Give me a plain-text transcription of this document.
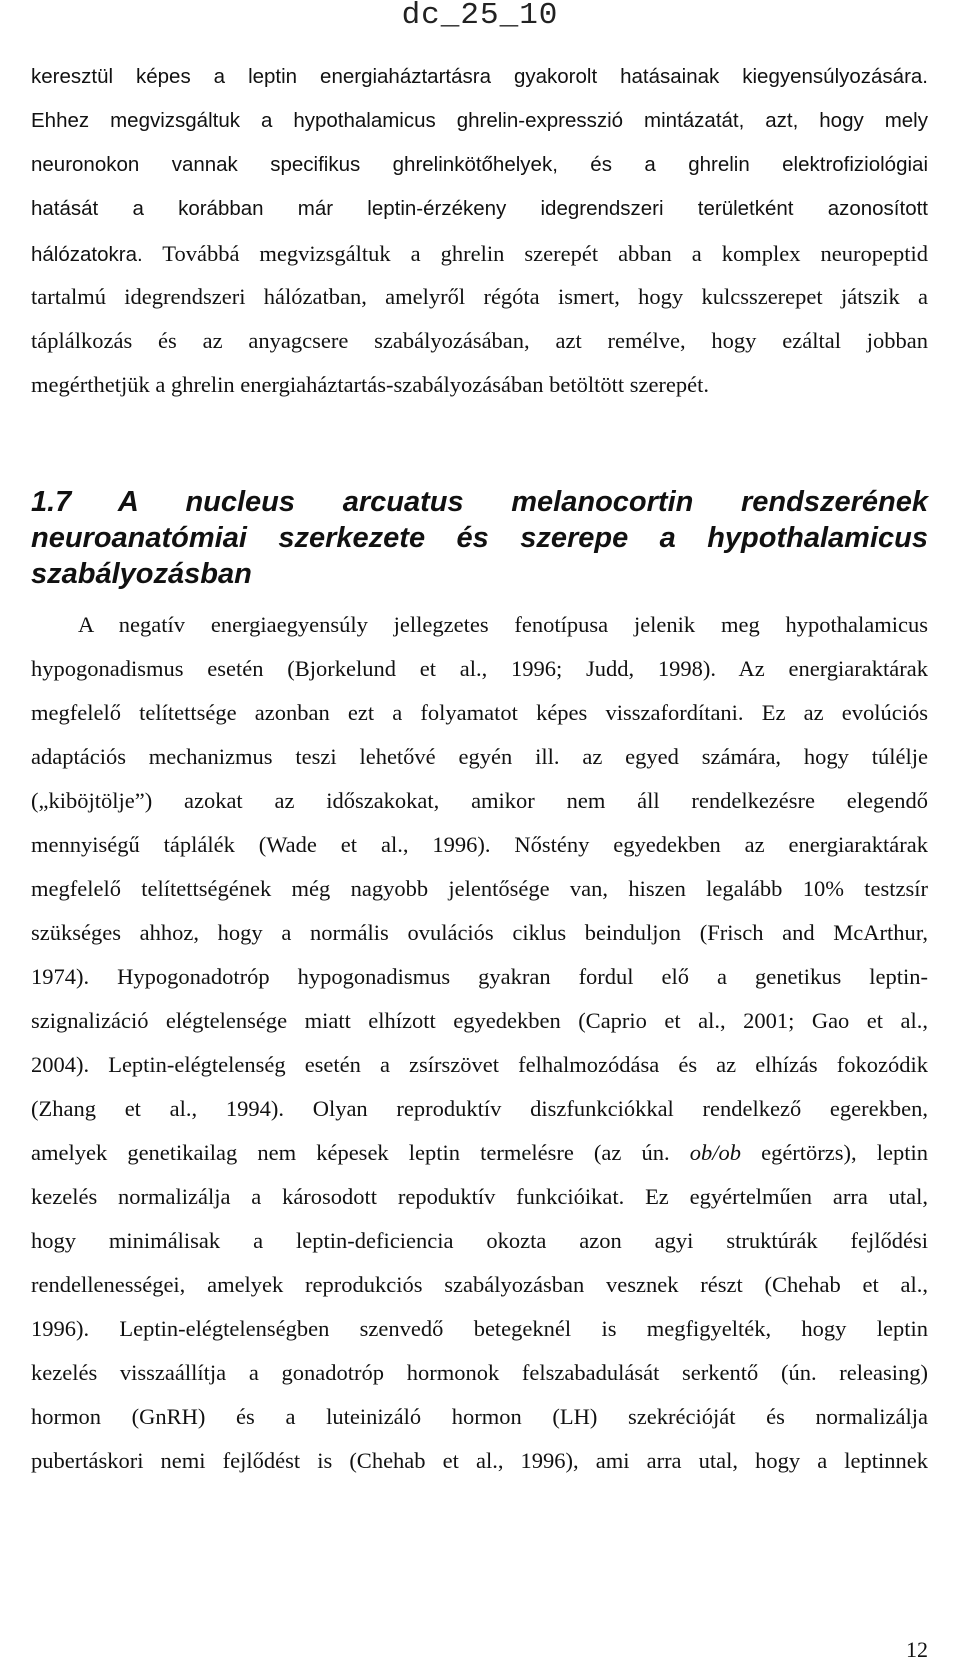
dc_25_10
keresztül képes a leptin energiaháztartásra gyakorolt hatásainak kiegyensúlyozására.
Ehhez megvizsgáltuk a hypothalamicus ghrelin-expresszió mintázatát, azt, hogy mely
neuronokon vannak specifikus ghrelinkötőhelyek, és a ghrelin elektrofiziológiai
hatását a korábban már leptin-érzékeny idegrendszeri területként azonosított
hálózatokra. Továbbá megvizsgáltuk a ghrelin szerepét abban a komplex neuropeptid
tartalmú idegrendszeri hálózatban, amelyről régóta ismert, hogy kulcsszerepet játszik a
táplálkozás és az anyagcsere szabályozásában, azt remélve, hogy ezáltal jobban
megérthetjük a ghrelin energiaháztartás-szabályozásában betöltött szerepét.
1.7 A nucleus arcuatus melanocortin rendszerének
neuroanatómiai szerkezete és szerepe a hypothalamicus
szabályozásban
A negatív energiaegyensúly jellegzetes fenotípusa jelenik meg hypothalamicus
hypogonadismus esetén (Bjorkelund et al., 1996; Judd, 1998). Az energiaraktárak
megfelelő telítettsége azonban ezt a folyamatot képes visszafordítani. Ez az evolúciós
adaptációs mechanizmus teszi lehetővé egyén ill. az egyed számára, hogy túlélje
(„kiböjtölje”) azokat az időszakokat, amikor nem áll rendelkezésre elegendő
mennyiségű táplálék (Wade et al., 1996). Nőstény egyedekben az energiaraktárak
megfelelő telítettségének még nagyobb jelentősége van, hiszen legalább 10% testzsír
szükséges ahhoz, hogy a normális ovulációs ciklus beinduljon (Frisch and McArthur,
1974). Hypogonadotróp hypogonadismus gyakran fordul elő a genetikus leptin-
szignalizáció elégtelensége miatt elhízott egyedekben (Caprio et al., 2001; Gao et al.,
2004). Leptin-elégtelenség esetén a zsírszövet felhalmozódása és az elhízás fokozódik
(Zhang et al., 1994). Olyan reproduktív diszfunkciókkal rendelkező egerekben,
amelyek genetikailag nem képesek leptin termelésre (az ún. ob/ob egértörzs), leptin
kezelés normalizálja a károsodott repoduktív funkcióikat. Ez egyértelműen arra utal,
hogy minimálisak a leptin-deficiencia okozta azon agyi struktúrák fejlődési
rendellenességei, amelyek reprodukciós szabályozásban vesznek részt (Chehab et al.,
1996). Leptin-elégtelenségben szenvedő betegeknél is megfigyelték, hogy leptin
kezelés visszaállítja a gonadotróp hormonok felszabadulását serkentő (ún. releasing)
hormon (GnRH) és a luteinizáló hormon (LH) szekrécióját és normalizálja
pubertáskori nemi fejlődést is (Chehab et al., 1996), ami arra utal, hogy a leptinnek
12
